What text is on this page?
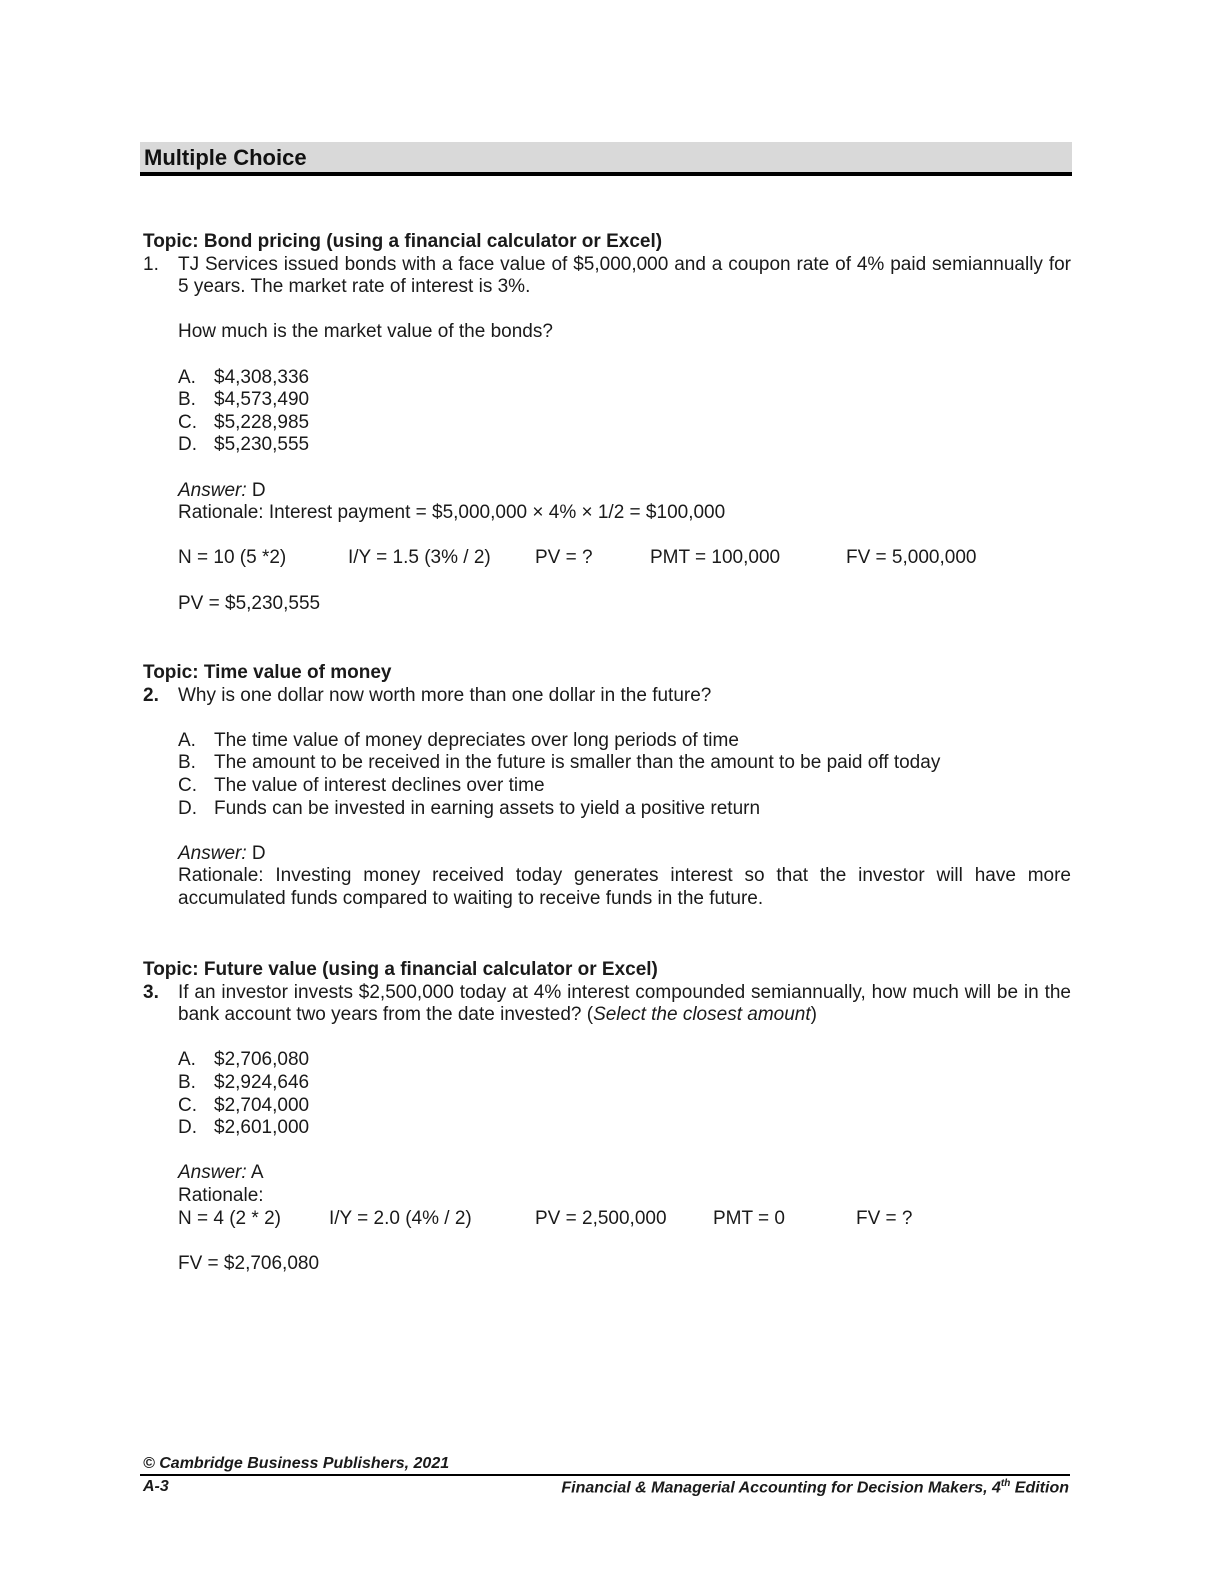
Multiple Choice
Topic: Bond pricing (using a financial calculator or Excel)
1.	TJ Services issued bonds with a face value of $5,000,000 and a coupon rate of 4% paid semiannually for 5 years. The market rate of interest is 3%.
How much is the market value of the bonds?
A. $4,308,336
B. $4,573,490
C. $5,228,985
D. $5,230,555
Answer: D
Rationale: Interest payment = $5,000,000 × 4% × 1/2 = $100,000
N = 10 (5 *2)	I/Y = 1.5 (3% / 2)	PV = ?	PMT = 100,000	FV = 5,000,000
PV = $5,230,555
Topic: Time value of money
2.	Why is one dollar now worth more than one dollar in the future?
A. The time value of money depreciates over long periods of time
B. The amount to be received in the future is smaller than the amount to be paid off today
C. The value of interest declines over time
D. Funds can be invested in earning assets to yield a positive return
Answer: D
Rationale: Investing money received today generates interest so that the investor will have more accumulated funds compared to waiting to receive funds in the future.
Topic: Future value (using a financial calculator or Excel)
3.	If an investor invests $2,500,000 today at 4% interest compounded semiannually, how much will be in the bank account two years from the date invested? (Select the closest amount)
A. $2,706,080
B. $2,924,646
C. $2,704,000
D. $2,601,000
Answer: A
Rationale:
N = 4 (2 * 2)	I/Y = 2.0 (4% / 2)	PV = 2,500,000	PMT = 0	FV = ?
FV = $2,706,080
© Cambridge Business Publishers, 2021
A-3	Financial & Managerial Accounting for Decision Makers, 4th Edition
